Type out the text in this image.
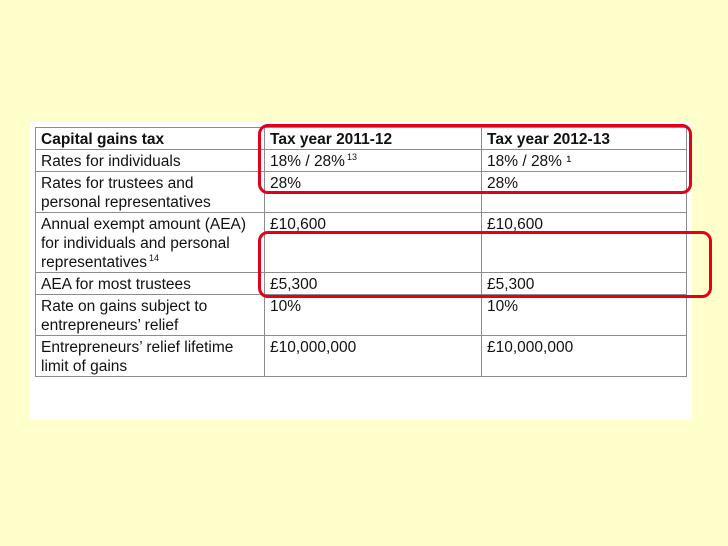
Capital gains tax	Tax year 2011-12	Tax year 2012-13

Rates for individuals	18% / 28% $^{13}$	18% / 28% ¹

Rates for trustees and
personal representatives	28%	28%

Annual exempt amount (AEA)
for individuals and personal
representatives $^{14}$	£10,600	£10,600

AEA for most trustees	£5,300	£5,300

Rate on gains subject to
entrepreneurs’ relief	10%	10%

Entrepreneurs’ relief lifetime
limit of gains	£10,000,000	£10,000,000
